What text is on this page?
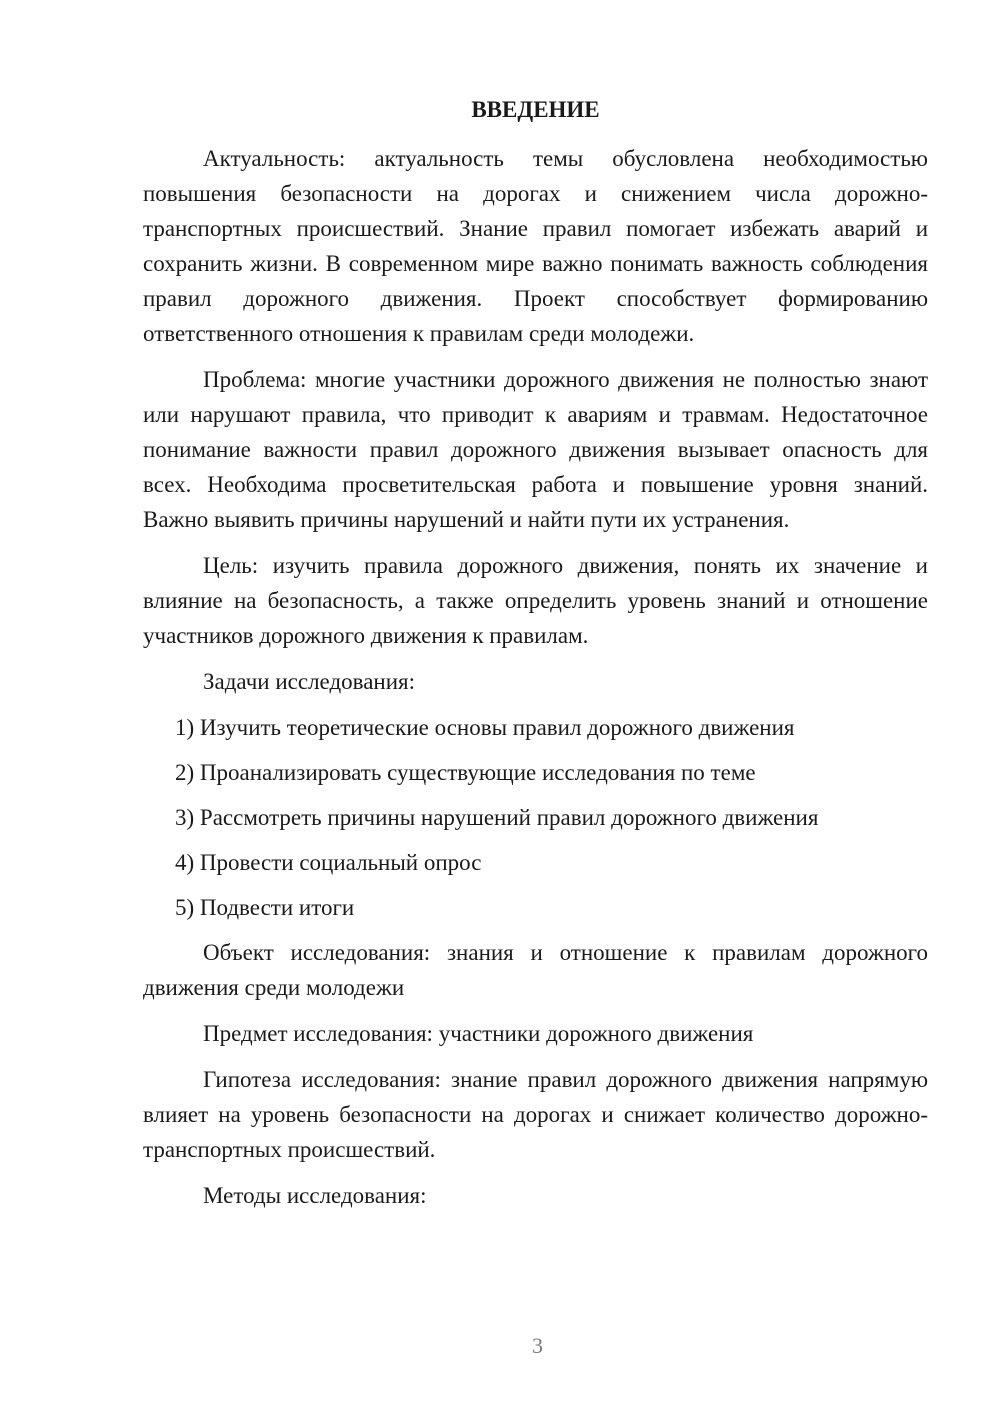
ВВЕДЕНИЕ

Актуальность: актуальность темы обусловлена необходимостью повышения безопасности на дорогах и снижением числа дорожно-транспортных происшествий. Знание правил помогает избежать аварий и сохранить жизни. В современном мире важно понимать важность соблюдения правил дорожного движения. Проект способствует формированию ответственного отношения к правилам среди молодежи.

Проблема: многие участники дорожного движения не полностью знают или нарушают правила, что приводит к авариям и травмам. Недостаточное понимание важности правил дорожного движения вызывает опасность для всех. Необходима просветительская работа и повышение уровня знаний. Важно выявить причины нарушений и найти пути их устранения.

Цель: изучить правила дорожного движения, понять их значение и влияние на безопасность, а также определить уровень знаний и отношение участников дорожного движения к правилам.

Задачи исследования:

1) Изучить теоретические основы правил дорожного движения

2) Проанализировать существующие исследования по теме

3) Рассмотреть причины нарушений правил дорожного движения

4) Провести социальный опрос

5) Подвести итоги

Объект исследования: знания и отношение к правилам дорожного движения среди молодежи

Предмет исследования: участники дорожного движения

Гипотеза исследования: знание правил дорожного движения напрямую влияет на уровень безопасности на дорогах и снижает количество дорожно-транспортных происшествий.

Методы исследования:

3
